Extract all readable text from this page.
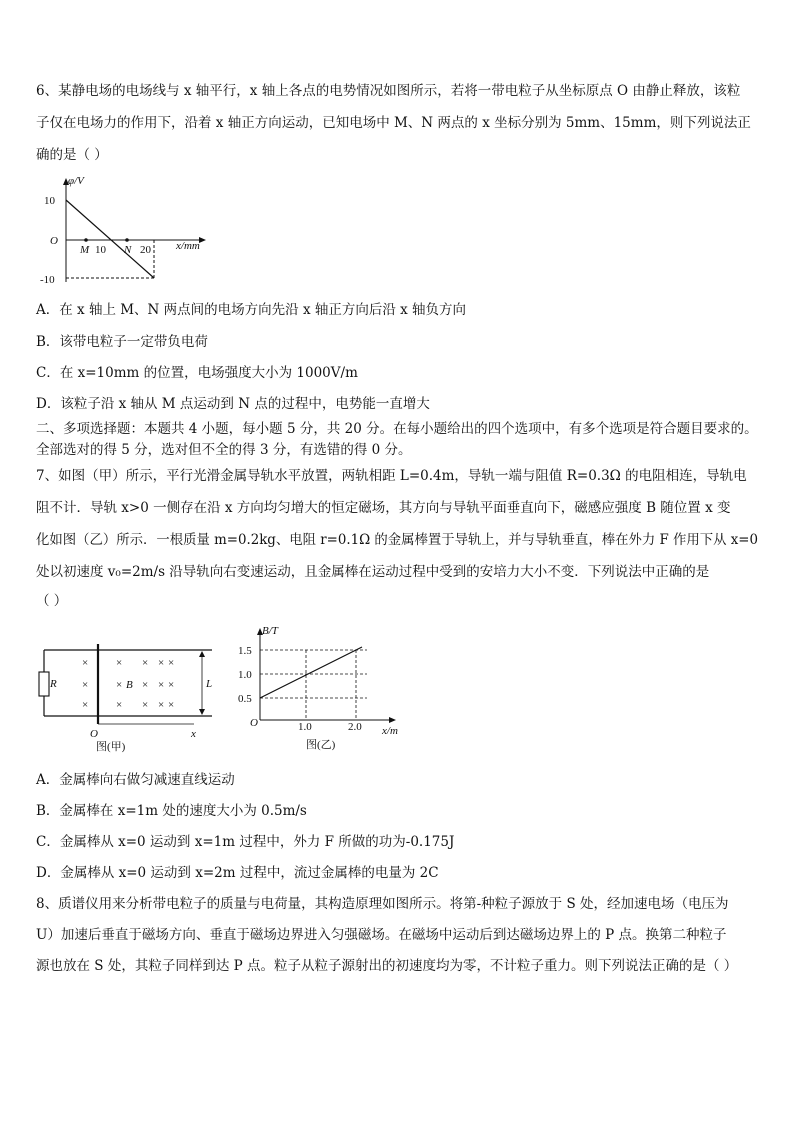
6、某静电场的电场线与 x 轴平行，x 轴上各点的电势情况如图所示，若将一带电粒子从坐标原点 O 由静止释放，该粒
子仅在电场力的作用下，沿着 x 轴正方向运动，已知电场中 M、N 两点的 x 坐标分别为 5mm、15mm，则下列说法正
确的是（ ）
φ/V
10
O
-10
M 10 N 20 x/mm
A．在 x 轴上 M、N 两点间的电场方向先沿 x 轴正方向后沿 x 轴负方向
B．该带电粒子一定带负电荷
C．在 x=10mm 的位置，电场强度大小为 1000V/m
D．该粒子沿 x 轴从 M 点运动到 N 点的过程中，电势能一直增大
二、多项选择题：本题共 4 小题，每小题 5 分，共 20 分。在每小题给出的四个选项中，有多个选项是符合题目要求的。
全部选对的得 5 分，选对但不全的得 3 分，有选错的得 0 分。
7、如图（甲）所示，平行光滑金属导轨水平放置，两轨相距 L=0.4m，导轨一端与阻值 R=0.3Ω 的电阻相连，导轨电
阻不计．导轨 x>0 一侧存在沿 x 方向均匀增大的恒定磁场，其方向与导轨平面垂直向下，磁感应强度 B 随位置 x 变
化如图（乙）所示．一根质量 m=0.2kg、电阻 r=0.1Ω 的金属棒置于导轨上，并与导轨垂直，棒在外力 F 作用下从 x=0
处以初速度 v₀=2m/s 沿导轨向右变速运动，且金属棒在运动过程中受到的安培力大小不变．下列说法中正确的是
（ ）
R
O	x
×	× × × ×
×	× × × ×
×	× × × ×
B	L
图(甲)
B/T
1.5
1.0
0.5
O	1.0	2.0 x/m
图(乙)
A．金属棒向右做匀减速直线运动
B．金属棒在 x=1m 处的速度大小为 0.5m/s
C．金属棒从 x=0 运动到 x=1m 过程中，外力 F 所做的功为-0.175J
D．金属棒从 x=0 运动到 x=2m 过程中，流过金属棒的电量为 2C
8、质谱仪用来分析带电粒子的质量与电荷量，其构造原理如图所示。将第-种粒子源放于 S 处，经加速电场（电压为
U）加速后垂直于磁场方向、垂直于磁场边界进入匀强磁场。在磁场中运动后到达磁场边界上的 P 点。换第二种粒子
源也放在 S 处，其粒子同样到达 P 点。粒子从粒子源射出的初速度均为零，不计粒子重力。则下列说法正确的是（ ）
